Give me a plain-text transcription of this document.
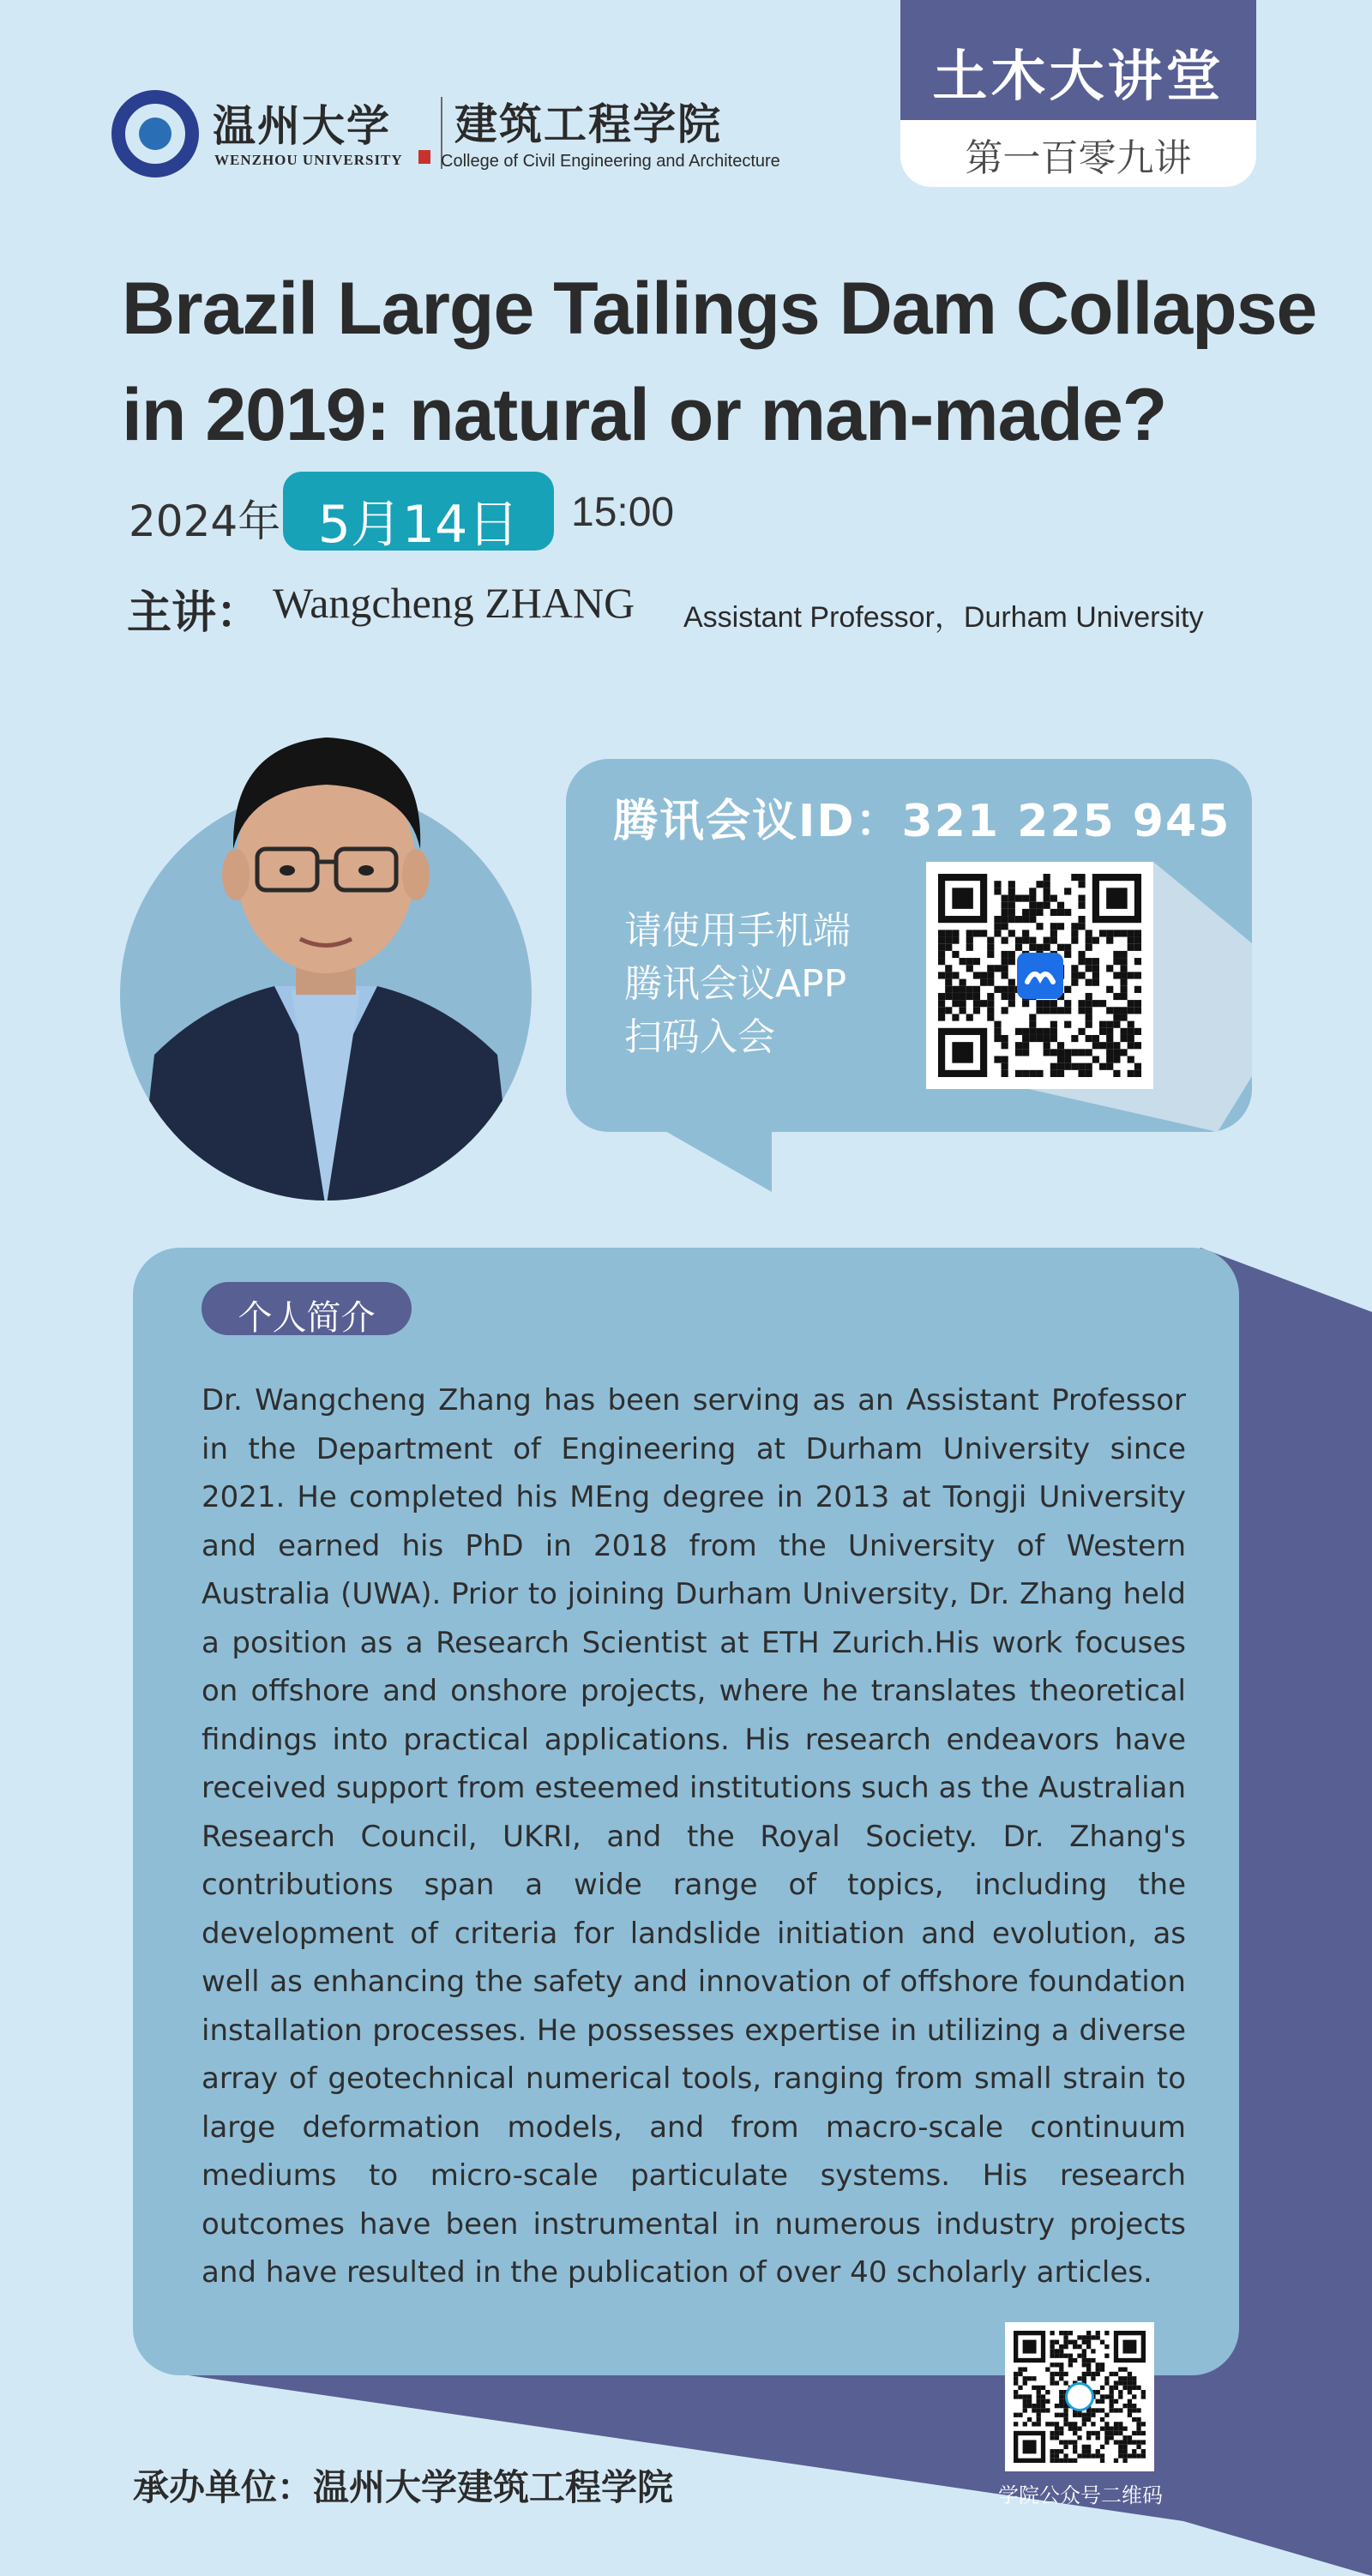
土木大讲堂
第一百零九讲
温州大学
WENZHOU UNIVERSITY
建筑工程学院
College of Civil Engineering and Architecture
Brazil Large Tailings Dam Collapse
in 2019: natural or man-made?
2024年 5月14日	15:00
主讲： Wangcheng ZHANG Assistant Professor，Durham University
腾讯会议ID：321 225 945
请使用手机端
腾讯会议APP
扫码入会
个人简介
Dr. Wangcheng Zhang has been serving as an Assistant Professor in the Department of Engineering at Durham University since 2021. He completed his MEng degree in 2013 at Tongji University and earned his PhD in 2018 from the University of Western Australia (UWA). Prior to joining Durham University, Dr. Zhang held a position as a Research Scientist at ETH Zurich.His work focuses on offshore and onshore projects, where he translates theoretical findings into practical applications. His research endeavors have received support from esteemed institutions such as the Australian Research Council, UKRI, and the Royal Society. Dr. Zhang's contributions span a wide range of topics, including the development of criteria for landslide initiation and evolution, as well as enhancing the safety and innovation of offshore foundation installation processes. He possesses expertise in utilizing a diverse array of geotechnical numerical tools, ranging from small strain to large deformation models, and from macro-scale continuum mediums to micro-scale particulate systems. His research outcomes have been instrumental in numerous industry projects and have resulted in the publication of over 40 scholarly articles.
承办单位：温州大学建筑工程学院	学院公众号二维码
